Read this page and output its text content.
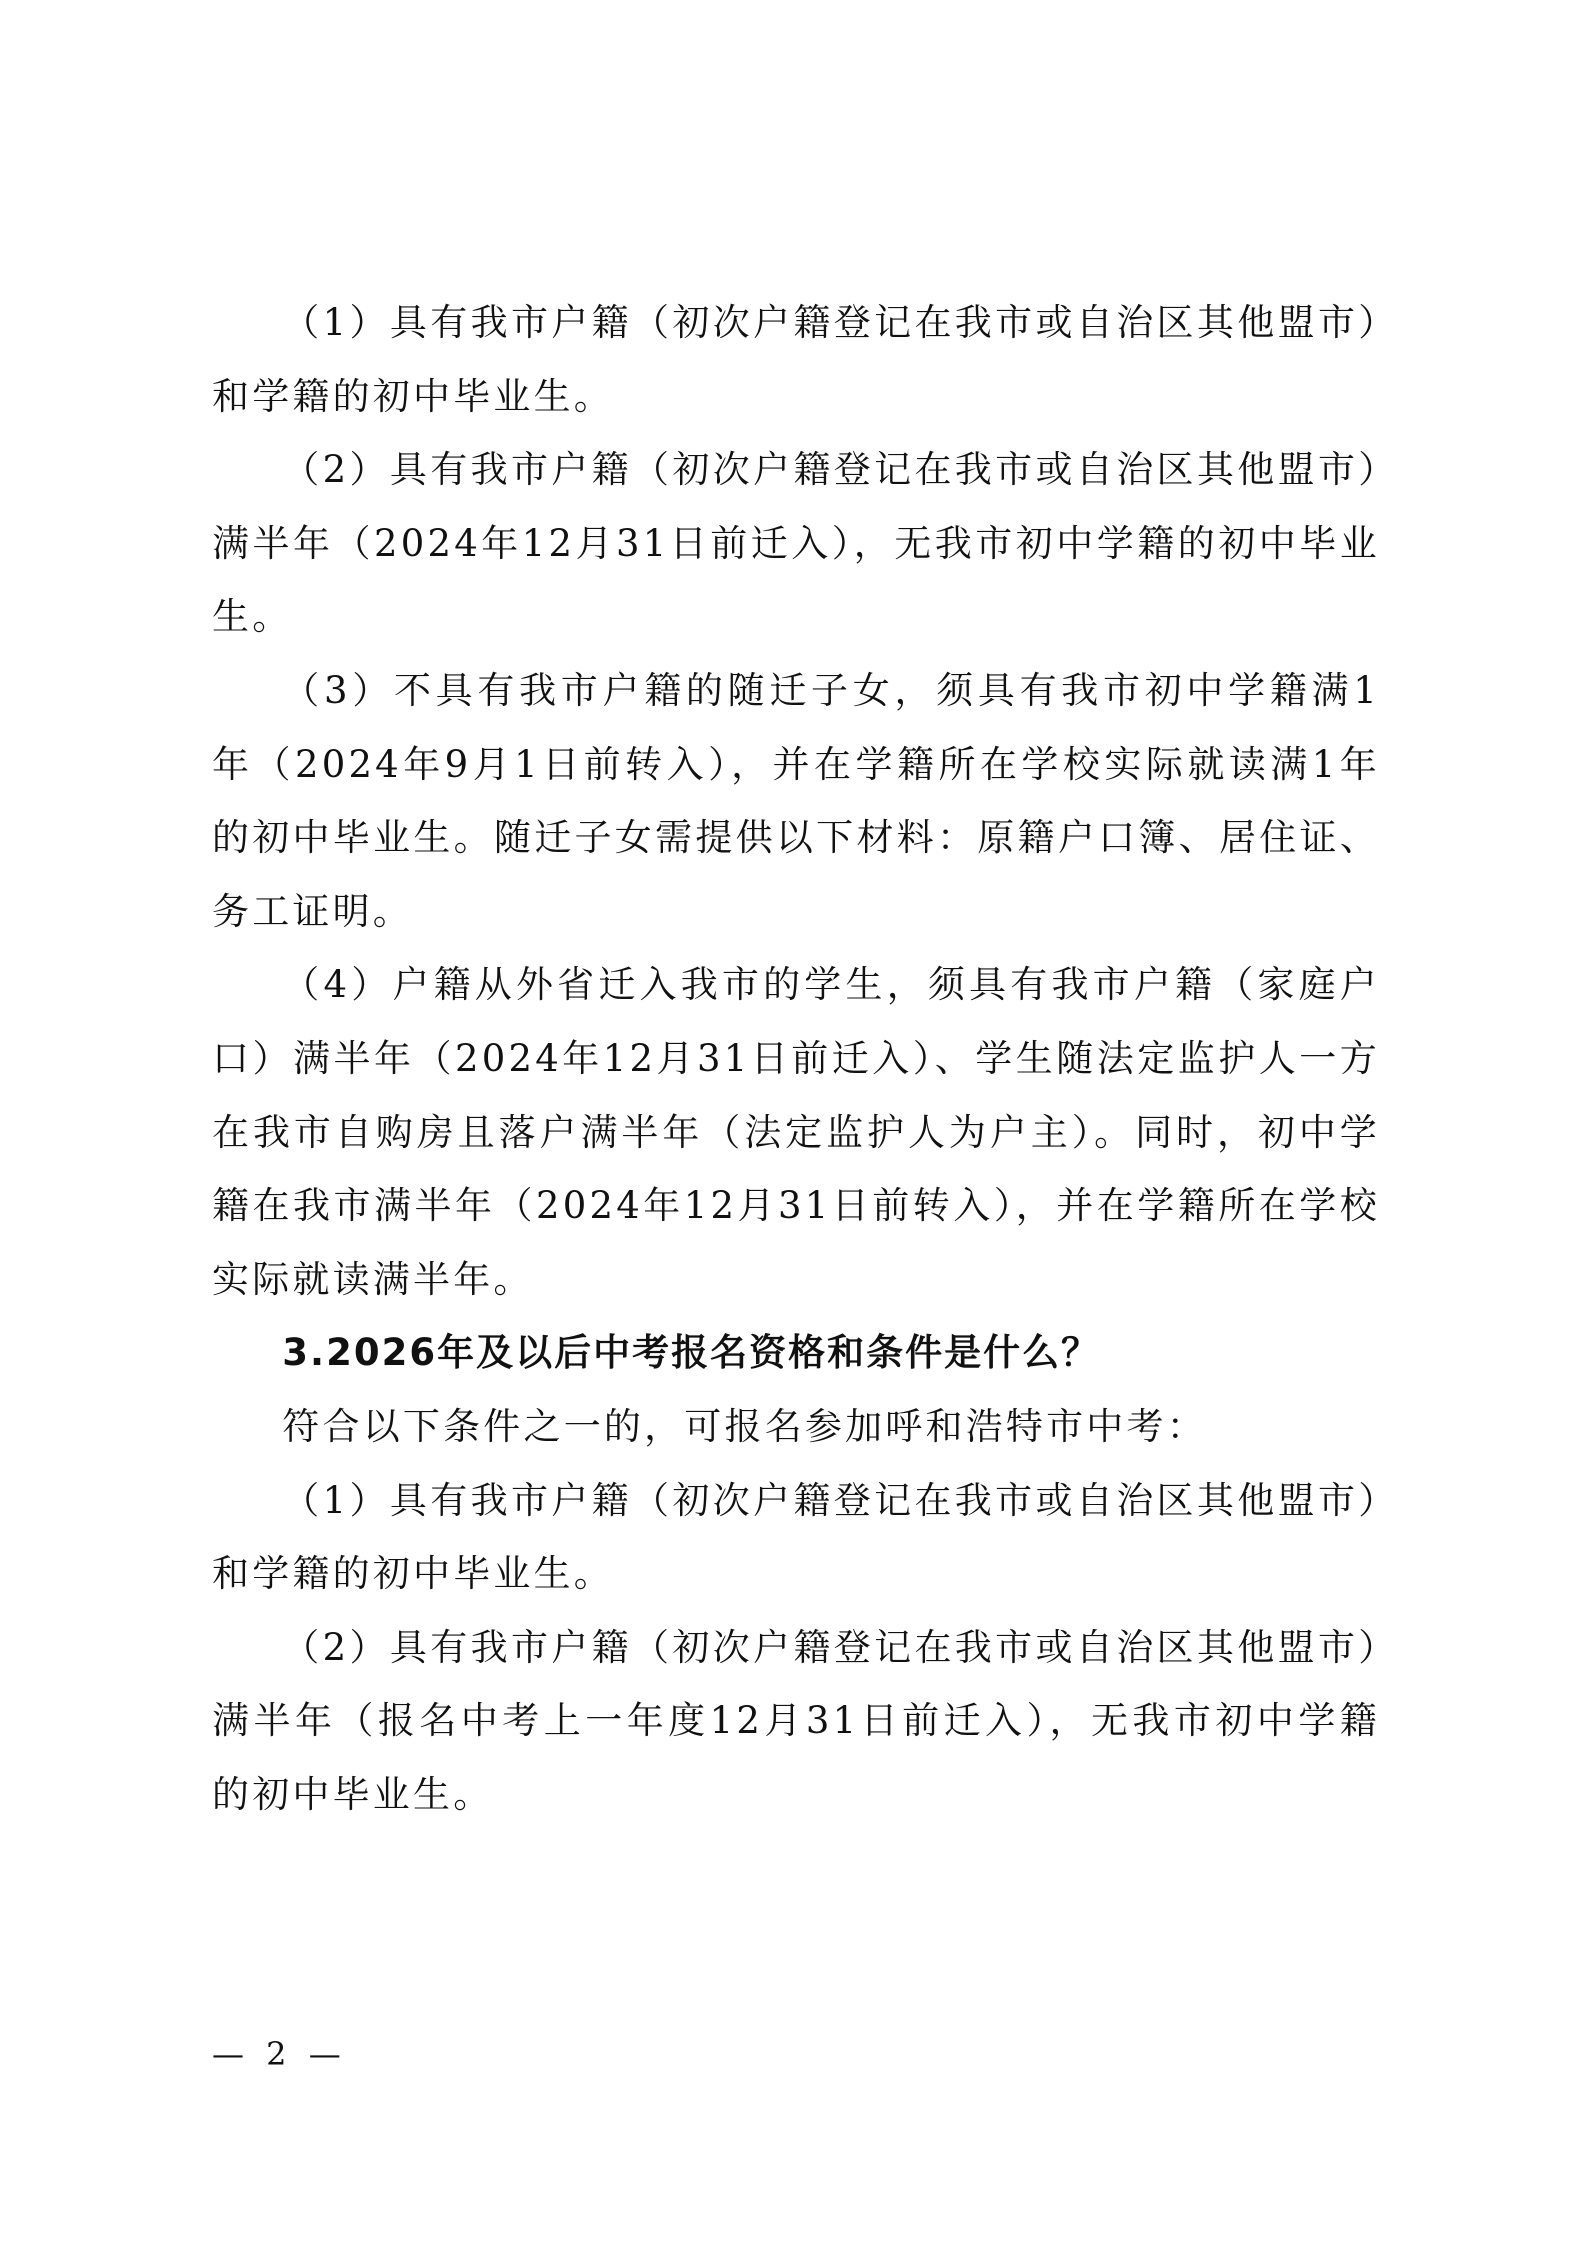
（1）具有我市户籍（初次户籍登记在我市或自治区其他盟市）和学籍的初中毕业生。

（2）具有我市户籍（初次户籍登记在我市或自治区其他盟市）满半年（2024年12月31日前迁入），无我市初中学籍的初中毕业生。

（3）不具有我市户籍的随迁子女，须具有我市初中学籍满1年（2024年9月1日前转入），并在学籍所在学校实际就读满1年的初中毕业生。随迁子女需提供以下材料：原籍户口簿、居住证、务工证明。

（4）户籍从外省迁入我市的学生，须具有我市户籍（家庭户口）满半年（2024年12月31日前迁入）、学生随法定监护人一方在我市自购房且落户满半年（法定监护人为户主）。同时，初中学籍在我市满半年（2024年12月31日前转入），并在学籍所在学校实际就读满半年。

3.2026年及以后中考报名资格和条件是什么？

符合以下条件之一的，可报名参加呼和浩特市中考：

（1）具有我市户籍（初次户籍登记在我市或自治区其他盟市）和学籍的初中毕业生。

（2）具有我市户籍（初次户籍登记在我市或自治区其他盟市）满半年（报名中考上一年度12月31日前迁入），无我市初中学籍的初中毕业生。

— 2 —
